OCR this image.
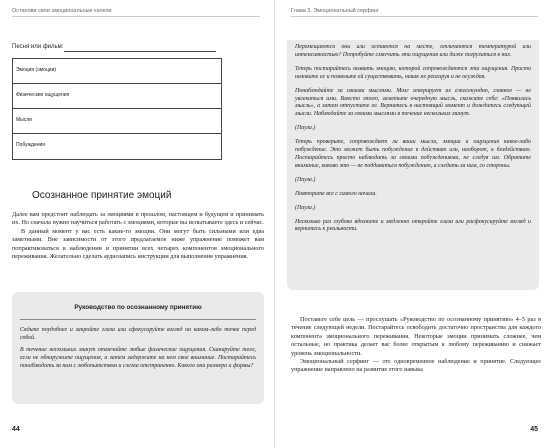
Останови свои эмоциональные качели
Песня или фильм:
Эмоция (эмоции)
Физические ощущения
Мысли
Побуждения
Осознанное принятие эмоций

Далее вам предстоит наблюдать за эмоциями в прошлом, настоящем и будущем и принимать их. Но сначала нужно научиться работать с эмоциями, которые вы испытываете здесь и сейчас.

В данный момент у вас есть какие-то эмоции. Они могут быть сильными или едва заметными. Вне зависимости от этого предлагаемое ниже упражнение поможет вам попрактиковаться в наблюдении и принятии всех четырех компонентов эмоционального переживания. Желательно сделать аудиозапись инструкции для выполнения упражнения.

Руководство по осознанному принятию

Сядьте поудобнее и закройте глаза или сфокусируйте взгляд на каком-либо точке перед собой.

В течение нескольких минут отмечайте любые физические ощущения. Сканируйте тело, если не обнаружите ощущения, а затем задержите на нем свое внимание. Постарайтесь понаблюдать за ним с любопытством и слегка отстраненно. Какого они размера и формы?

44
Глава 3. Эмоциональный серфинг

Перемещаются они или остаются на месте, отличаются температурой или интенсивностью? Попробуйте смягчить эти ощущения или даже погрузиться в них.

Теперь постарайтесь назвать эмоцию, которой сопровождаются эти ощущения. Просто назовите ее и позвольте ей существовать, никак не реагируя и не осуждая.

Понаблюдайте за своими мыслями. Мозг генерирует их ежесекундно, главное — не увлекаться ими. Вместо этого, заметьте очередную мысль, скажите себе: «Появилась мысль», а затем отпустите ее. Вернитесь в настоящий момент и дождитесь следующей мысли. Наблюдайте за своими мыслями в течение нескольких минут.

(Пауза.)

Теперь проверьте, сопровождает ли ваши мысли, эмоции и ощущения какое-либо побуждение. Это может быть побуждение к действию или, наоборот, к бездействию. Постарайтесь просто наблюдать за своими побуждениями, не следуя им. Обратите внимание, каково это — не поддаваться побуждению, а следить за ним, со стороны.

(Пауза.)

Повторите все с самого начала.

(Пауза.)

Несколько раз глубоко вдохните и медленно откройте глаза или расфокусируйте взгляд и вернитесь к реальности.

Поставьте себе цель — прослушать «Руководство по осознанному принятию» 4–5 раз в течение следующей недели. Постарайтесь освободить достаточно пространства для каждого компонента эмоционального переживания. Некоторые эмоции принимать сложнее, чем остальные, но практика делает вас более открытым к любому переживанию и снижает уровень эмоциональности.

Эмоциональный серфинг — это одновременное наблюдение и принятие. Следующее упражнение направлено на развитие этого навыка

45
